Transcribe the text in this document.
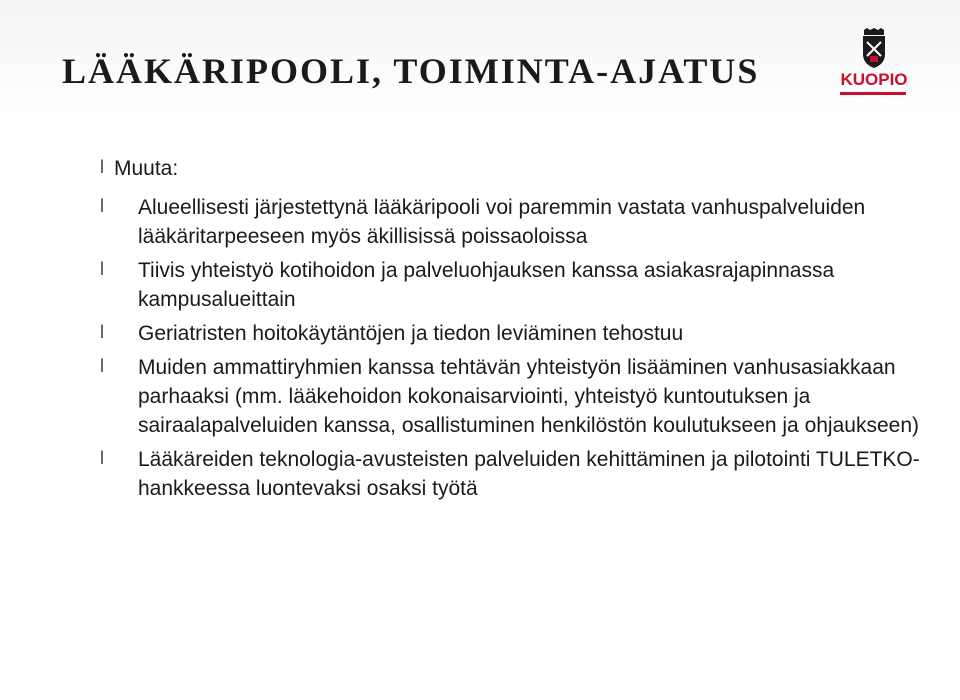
LÄÄKÄRIPOOLI, TOIMINTA-AJATUS	KUOPIO
l Muuta:
l Alueellisesti järjestettynä lääkäripooli voi paremmin vastata vanhuspalveluiden lääkäritarpeeseen myös äkillisissä poissaoloissa
l Tiivis yhteistyö kotihoidon ja palveluohjauksen kanssa asiakasrajapinnassa kampusalueittain
l Geriatristen hoitokäytäntöjen ja tiedon leviäminen tehostuu
l Muiden ammattiryhmien kanssa tehtävän yhteistyön lisääminen vanhusasiakkaan parhaaksi (mm. lääkehoidon kokonaisarviointi, yhteistyö kuntoutuksen ja sairaalapalveluiden kanssa, osallistuminen henkilöstön koulutukseen ja ohjaukseen)
l Lääkäreiden teknologia-avusteisten palveluiden kehittäminen ja pilotointi TULETKO-hankkeessa luontevaksi osaksi työtä
